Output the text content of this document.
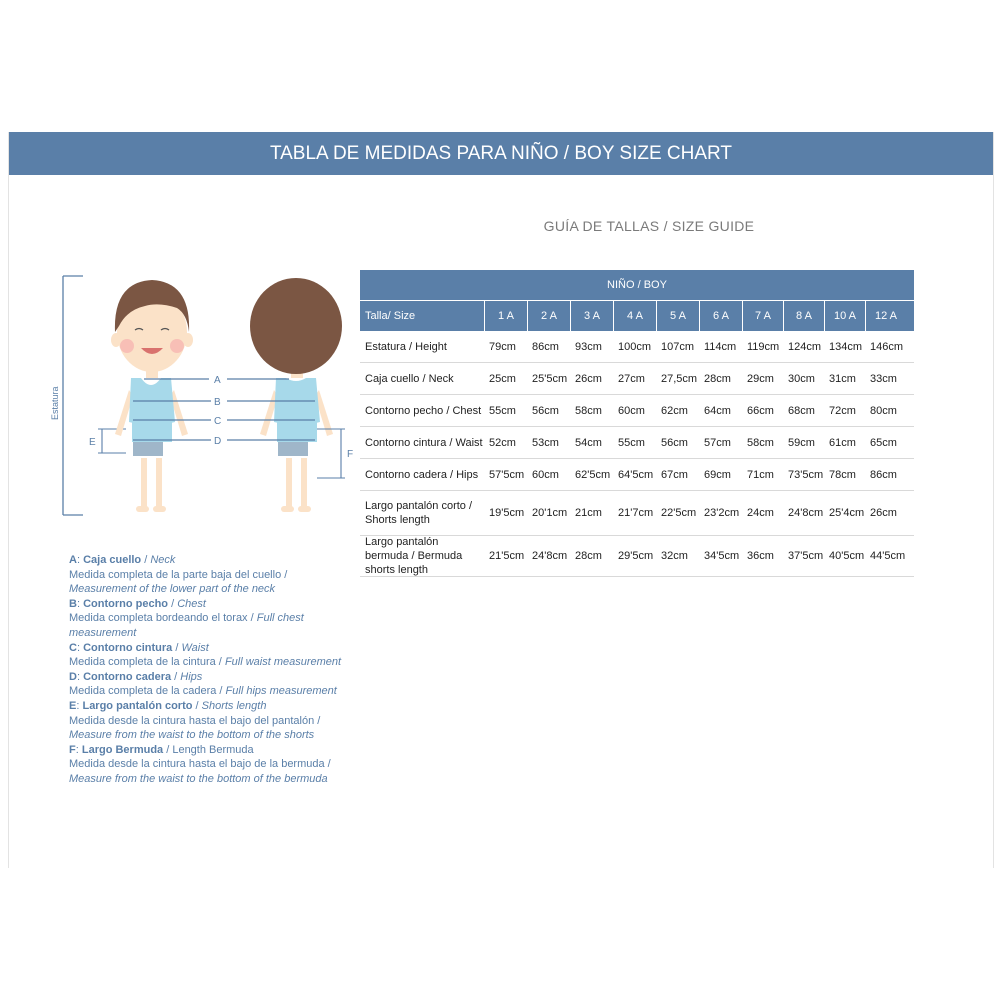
TABLA DE MEDIDAS PARA NIÑO / BOY SIZE CHART
GUÍA DE TALLAS / SIZE GUIDE
Estatura
E
A
B
C
D
F
A: Caja cuello / Neck
Medida completa de la parte baja del cuello /
Measurement of the lower part of the neck
B: Contorno pecho / Chest
Medida completa bordeando el torax / Full chest measurement
C: Contorno cintura / Waist
Medida completa de la cintura / Full waist measurement
D: Contorno cadera / Hips
Medida completa de la cadera / Full hips measurement
E: Largo pantalón corto / Shorts length
Medida desde la cintura hasta el bajo del pantalón /
Measure from the waist to the bottom of the shorts
F: Largo Bermuda / Length Bermuda
Medida desde la cintura hasta el bajo de la bermuda / Measure from the waist to the bottom of the bermuda
NIÑO / BOY
Talla/ Size	1 A	2 A	3 A	4 A	5 A	6 A	7 A	8 A	10 A	12 A
Estatura / Height	79cm	86cm	93cm	100cm 107cm 114cm 119cm 124cm 134cm 146cm
Caja cuello / Neck	25cm	25'5cm 26cm	27cm	27,5cm 28cm	29cm	30cm	31cm	33cm
Contorno pecho / Chest 55cm	56cm	58cm	60cm	62cm	64cm	66cm	68cm	72cm	80cm
Contorno cintura / Waist 52cm	53cm	54cm	55cm	56cm	57cm	58cm	59cm	61cm	65cm
Contorno cadera / Hips 57'5cm 60cm	62'5cm 64'5cm 67cm	69cm	71cm	73'5cm 78cm	86cm
Largo pantalón corto / Shorts length
19'5cm 20'1cm 21cm	21'7cm 22'5cm 23'2cm 24cm	24'8cm 25'4cm 26cm
Largo pantalón bermuda / Bermuda shorts length
21'5cm 24'8cm 28cm	29'5cm 32cm	34'5cm 36cm	37'5cm 40'5cm 44'5cm
